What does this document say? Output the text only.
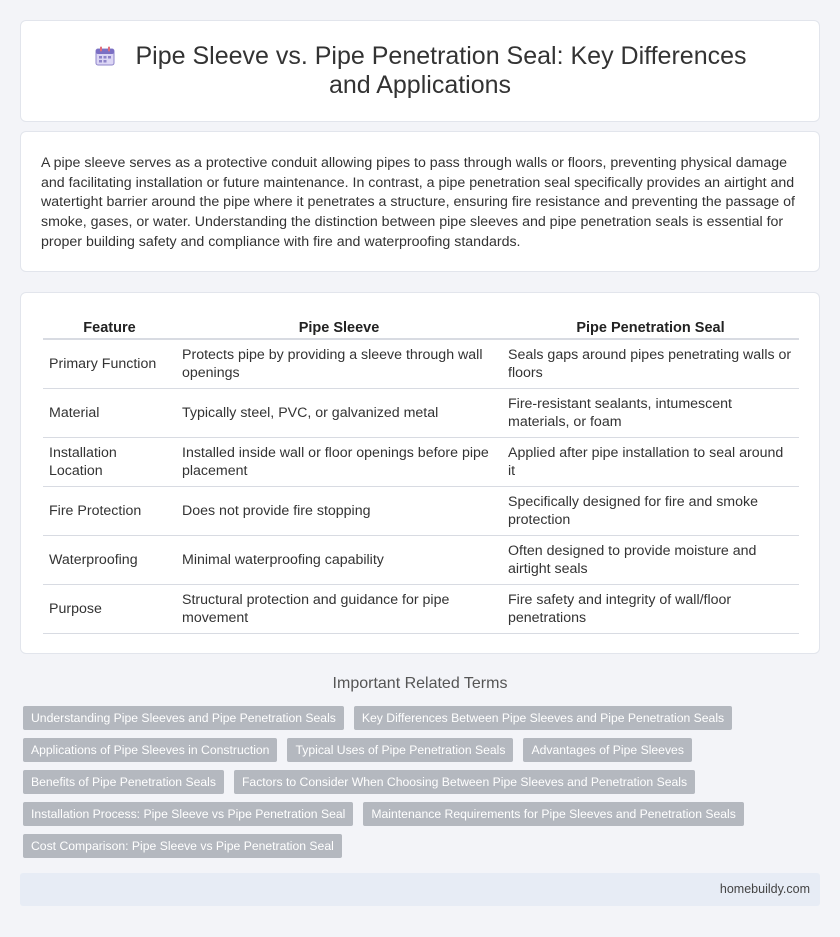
Pipe Sleeve vs. Pipe Penetration Seal: Key Differences and Applications

A pipe sleeve serves as a protective conduit allowing pipes to pass through walls or floors, preventing physical damage and facilitating installation or future maintenance. In contrast, a pipe penetration seal specifically provides an airtight and watertight barrier around the pipe where it penetrates a structure, ensuring fire resistance and preventing the passage of smoke, gases, or water. Understanding the distinction between pipe sleeves and pipe penetration seals is essential for proper building safety and compliance with fire and waterproofing standards.

Feature	Pipe Sleeve	Pipe Penetration Seal
Primary Function	Protects pipe by providing a sleeve through wall openings	Seals gaps around pipes penetrating walls or floors
Material	Typically steel, PVC, or galvanized metal	Fire-resistant sealants, intumescent materials, or foam
Installation Location	Installed inside wall or floor openings before pipe placement	Applied after pipe installation to seal around it
Fire Protection	Does not provide fire stopping	Specifically designed for fire and smoke protection
Waterproofing	Minimal waterproofing capability	Often designed to provide moisture and airtight seals
Purpose	Structural protection and guidance for pipe movement	Fire safety and integrity of wall/floor penetrations
Important Related Terms
Understanding Pipe Sleeves and Pipe Penetration Seals	Key Differences Between Pipe Sleeves and Pipe Penetration Seals
Applications of Pipe Sleeves in Construction	Typical Uses of Pipe Penetration Seals	Advantages of Pipe Sleeves
Benefits of Pipe Penetration Seals	Factors to Consider When Choosing Between Pipe Sleeves and Penetration Seals
Installation Process: Pipe Sleeve vs Pipe Penetration Seal	Maintenance Requirements for Pipe Sleeves and Penetration Seals
Cost Comparison: Pipe Sleeve vs Pipe Penetration Seal
homebuildy.com
